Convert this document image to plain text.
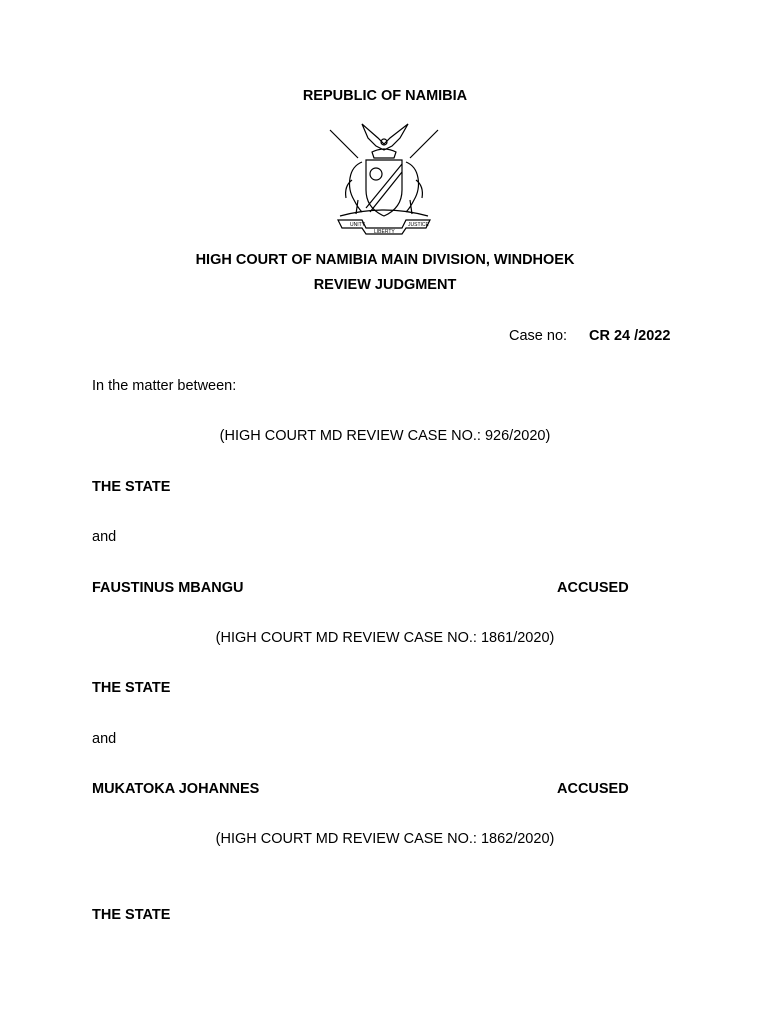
REPUBLIC OF NAMIBIA
UNITY
LIBERTY
JUSTICE
HIGH COURT OF NAMIBIA MAIN DIVISION, WINDHOEK
REVIEW JUDGMENT
Case no: CR 24 /2022
In the matter between:
(HIGH COURT MD REVIEW CASE NO.: 926/2020)
THE STATE
and
FAUSTINUS MBANGU	ACCUSED
(HIGH COURT MD REVIEW CASE NO.: 1861/2020)
THE STATE
and
MUKATOKA JOHANNES	ACCUSED
(HIGH COURT MD REVIEW CASE NO.: 1862/2020)
THE STATE
